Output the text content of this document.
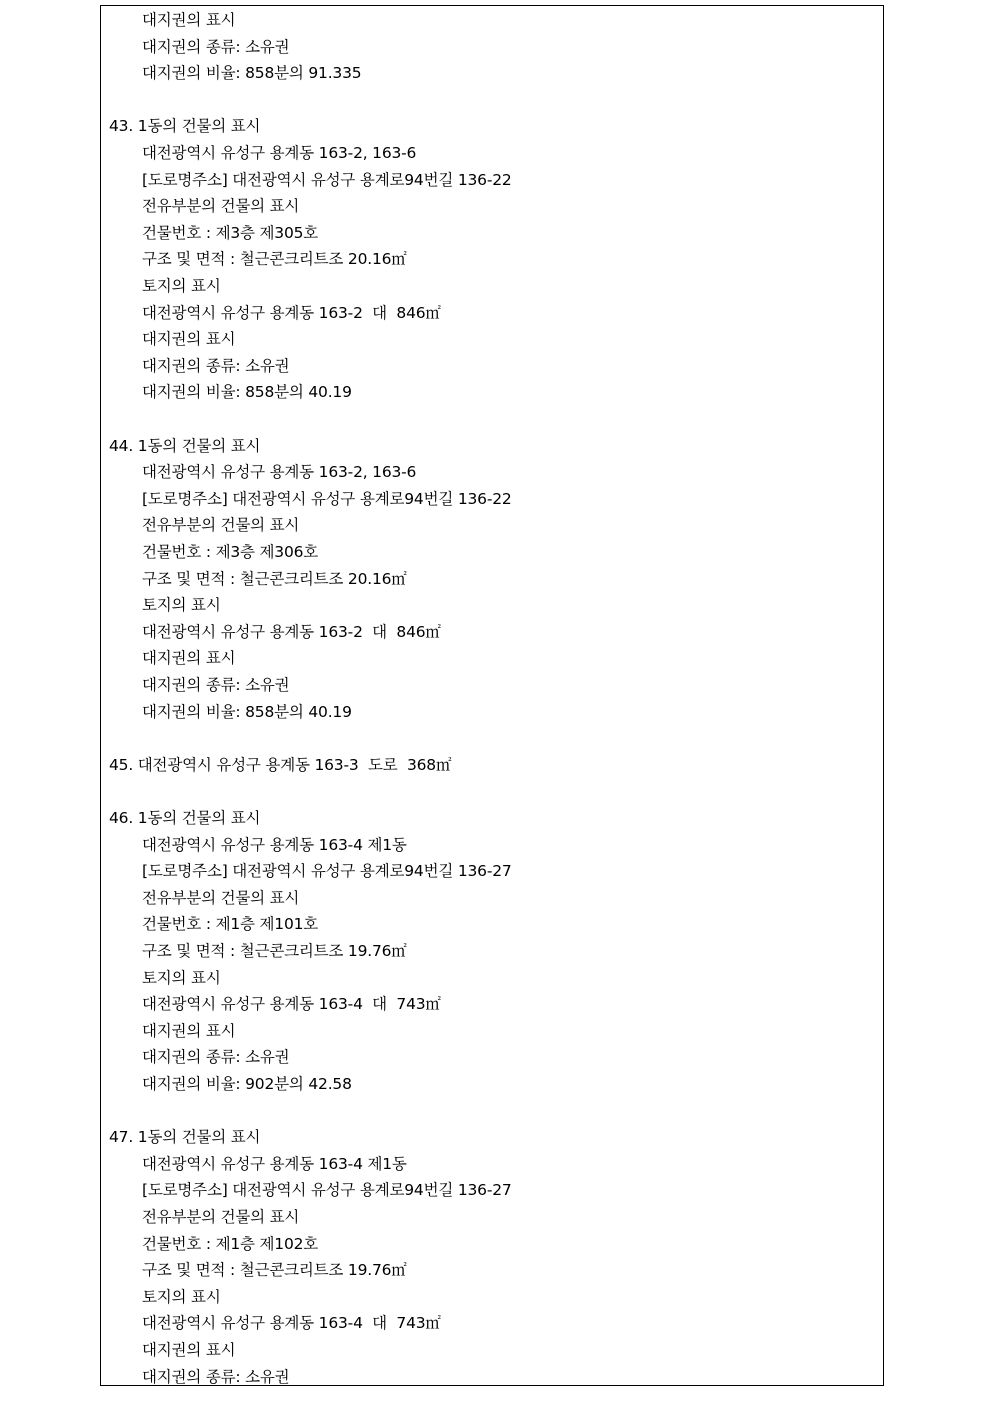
대지권의 표시
대지권의 종류: 소유권
대지권의 비율: 858분의 91.335
43. 1동의 건물의 표시
대전광역시 유성구 용계동 163-2, 163-6
[도로명주소] 대전광역시 유성구 용계로94번길 136-22
전유부분의 건물의 표시
건물번호 : 제3층 제305호
구조 및 면적 : 철근콘크리트조 20.16㎡
토지의 표시
대전광역시 유성구 용계동 163-2  대  846㎡
대지권의 표시
대지권의 종류: 소유권
대지권의 비율: 858분의 40.19
44. 1동의 건물의 표시
대전광역시 유성구 용계동 163-2, 163-6
[도로명주소] 대전광역시 유성구 용계로94번길 136-22
전유부분의 건물의 표시
건물번호 : 제3층 제306호
구조 및 면적 : 철근콘크리트조 20.16㎡
토지의 표시
대전광역시 유성구 용계동 163-2  대  846㎡
대지권의 표시
대지권의 종류: 소유권
대지권의 비율: 858분의 40.19
45. 대전광역시 유성구 용계동 163-3  도로  368㎡
46. 1동의 건물의 표시
대전광역시 유성구 용계동 163-4 제1동
[도로명주소] 대전광역시 유성구 용계로94번길 136-27
전유부분의 건물의 표시
건물번호 : 제1층 제101호
구조 및 면적 : 철근콘크리트조 19.76㎡
토지의 표시
대전광역시 유성구 용계동 163-4  대  743㎡
대지권의 표시
대지권의 종류: 소유권
대지권의 비율: 902분의 42.58
47. 1동의 건물의 표시
대전광역시 유성구 용계동 163-4 제1동
[도로명주소] 대전광역시 유성구 용계로94번길 136-27
전유부분의 건물의 표시
건물번호 : 제1층 제102호
구조 및 면적 : 철근콘크리트조 19.76㎡
토지의 표시
대전광역시 유성구 용계동 163-4  대  743㎡
대지권의 표시
대지권의 종류: 소유권
